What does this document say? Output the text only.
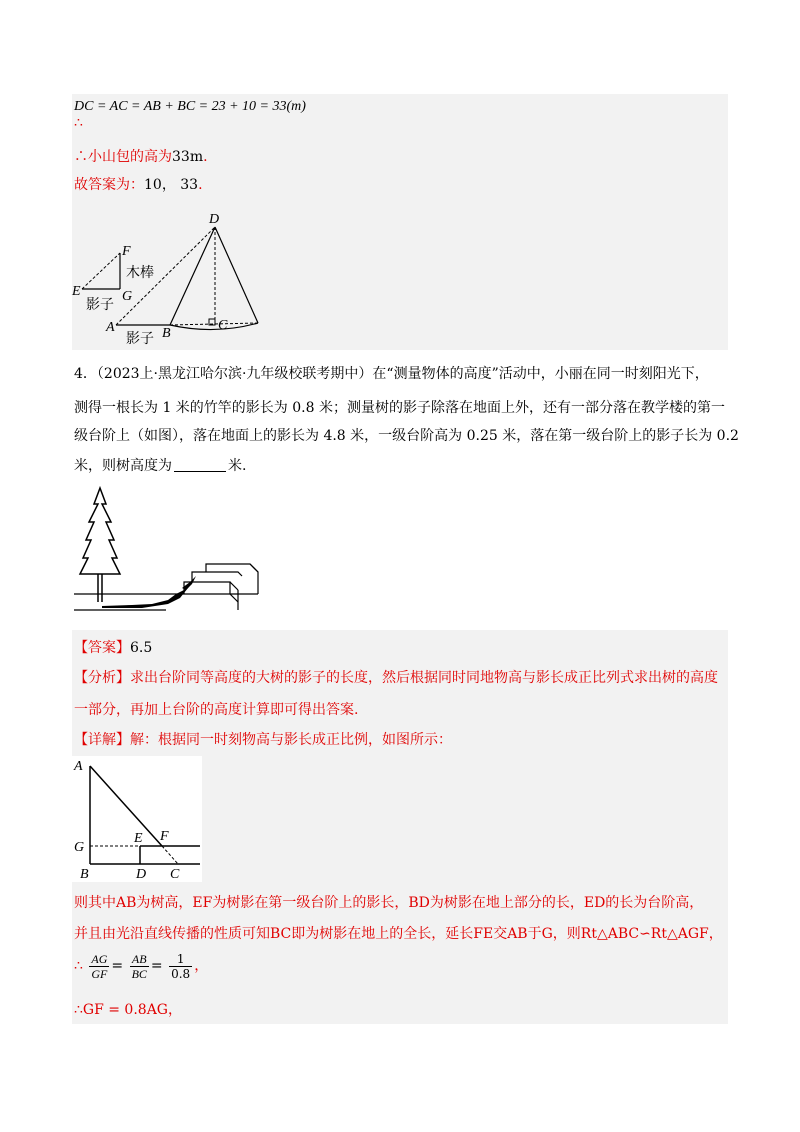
DC = AC = AB + BC = 23 + 10 = 33(m)
∴
∴小山包的高为33m.
故答案为：10， 33.
D
F
E	G
A	B
C
木棒
影子
影子
4．（2023上·黑龙江哈尔滨·九年级校联考期中）在“测量物体的高度”活动中，小丽在同一时刻阳光下，
测得一根长为 1 米的竹竿的影长为 0.8 米；测量树的影子除落在地面上外，还有一部分落在教学楼的第一
级台阶上（如图），落在地面上的影长为 4.8 米，一级台阶高为 0.25 米，落在第一级台阶上的影子长为 0.2
米，则树高度为	米.
【答案】6.5
【分析】求出台阶同等高度的大树的影子的长度，然后根据同时同地物高与影长成正比列式求出树的高度
一部分，再加上台阶的高度计算即可得出答案.
【详解】解：根据同一时刻物高与影长成正比例，如图所示：
A
G
E F
B	D C
则其中AB为树高，EF为树影在第一级台阶上的影长，BD为树影在地上部分的长，ED的长为台阶高，
并且由光沿直线传播的性质可知BC即为树影在地上的全长，延长FE交AB于G，则Rt△ABC∽Rt△AGF，
∴ $\frac{AG}{GF} = \frac{AB}{BC} = \frac{1}{0.8}$ ，
∴GF = 0.8AG，
